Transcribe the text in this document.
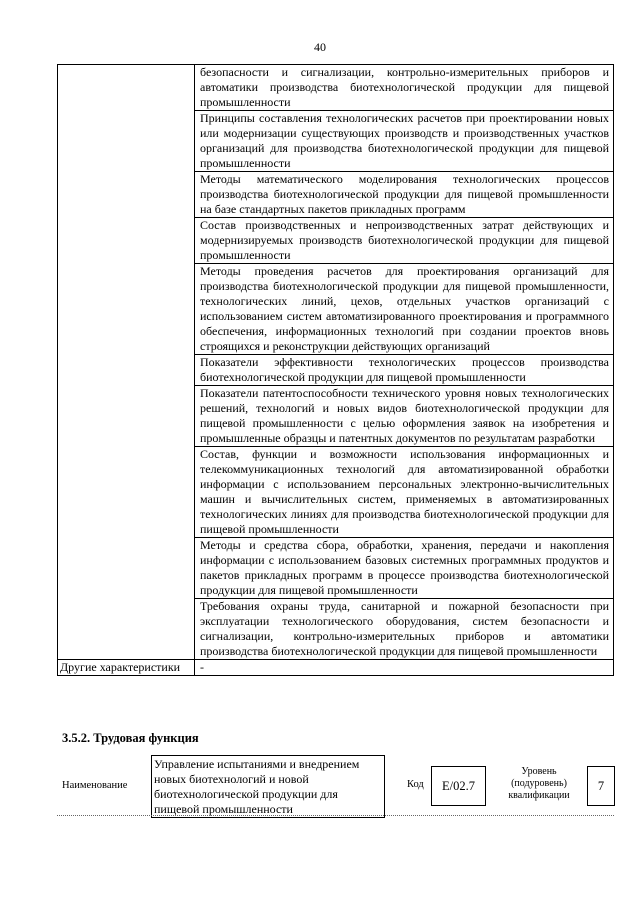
40
	безопасности и сигнализации, контрольно-измерительных приборов и автоматики производства биотехнологической продукции для пищевой промышленности
	Принципы составления технологических расчетов при проектировании новых или модернизации существующих производств и производственных участков организаций для производства биотехнологической продукции для пищевой промышленности
	Методы математического моделирования технологических процессов производства биотехнологической продукции для пищевой промышленности на базе стандартных пакетов прикладных программ
	Состав производственных и непроизводственных затрат действующих и модернизируемых производств биотехнологической продукции для пищевой промышленности
	Методы проведения расчетов для проектирования организаций для производства биотехнологической продукции для пищевой промышленности, технологических линий, цехов, отдельных участков организаций с использованием систем автоматизированного проектирования и программного обеспечения, информационных технологий при создании проектов вновь строящихся и реконструкции действующих организаций
	Показатели эффективности технологических процессов производства биотехнологической продукции для пищевой промышленности
	Показатели патентоспособности технического уровня новых технологических решений, технологий и новых видов биотехнологической продукции для пищевой промышленности с целью оформления заявок на изобретения и промышленные образцы и патентных документов по результатам разработки
	Состав, функции и возможности использования информационных и телекоммуникационных технологий для автоматизированной обработки информации с использованием персональных электронно-вычислительных машин и вычислительных систем, применяемых в автоматизированных технологических линиях для производства биотехнологической продукции для пищевой промышленности
	Методы и средства сбора, обработки, хранения, передачи и накопления информации с использованием базовых системных программных продуктов и пакетов прикладных программ в процессе производства биотехнологической продукции для пищевой промышленности
	Требования охраны труда, санитарной и пожарной безопасности при эксплуатации технологического оборудования, систем безопасности и сигнализации, контрольно-измерительных приборов и автоматики производства биотехнологической продукции для пищевой промышленности
Другие характеристики	-
3.5.2. Трудовая функция
Наименование
Управление испытаниями и внедрением новых биотехнологий и новой биотехнологической продукции для пищевой промышленности
Код	E/02.7
Уровень (подуровень) квалификации
7
